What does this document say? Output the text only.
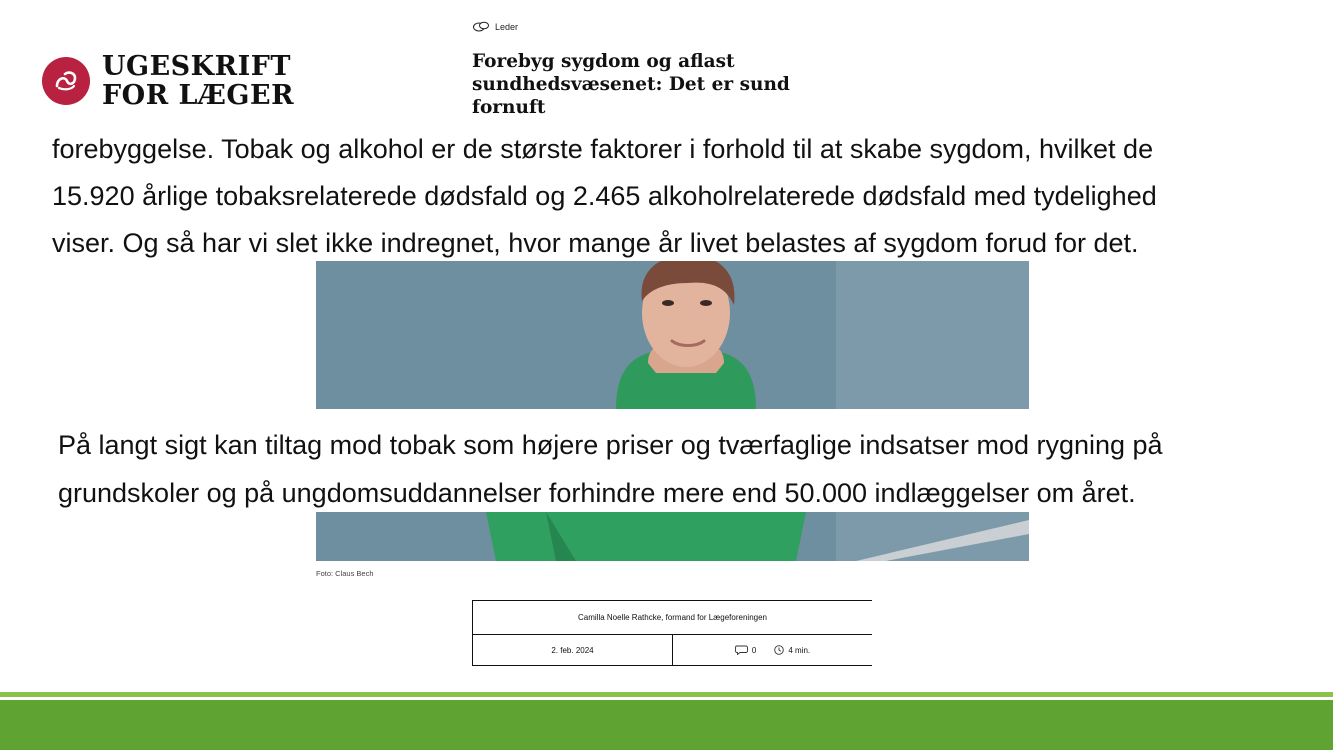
UGESKRIFT
FOR LÆGER
Leder
Forebyg sygdom og aflast sundhedsvæsenet: Det er sund fornuft
forebyggelse. Tobak og alkohol er de største faktorer i forhold til at skabe sygdom, hvilket de
15.920 årlige tobaksrelaterede dødsfald og 2.465 alkoholrelaterede dødsfald med tydelighed
viser. Og så har vi slet ikke indregnet, hvor mange år livet belastes af sygdom forud for det.
På langt sigt kan tiltag mod tobak som højere priser og tværfaglige indsatser mod rygning på
grundskoler og på ungdomsuddannelser forhindre mere end 50.000 indlæggelser om året.
Foto: Claus Bech
Camilla Noelle Rathcke, formand for Lægeforeningen
2. feb. 2024	0	4 min.
